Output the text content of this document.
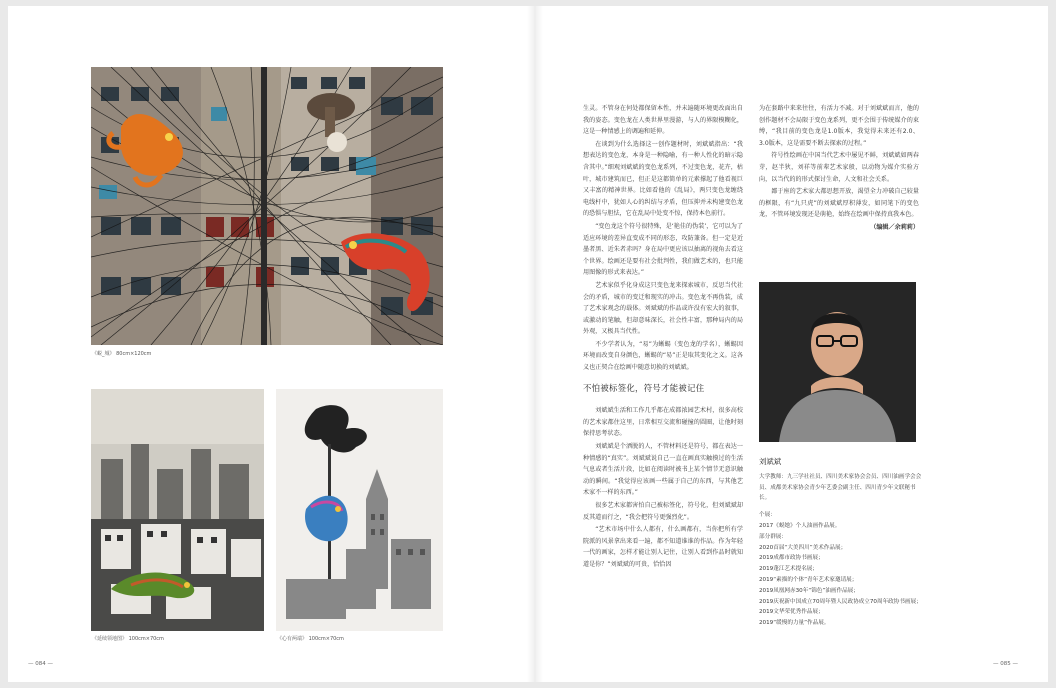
《蜕_城》 80cm×120cm
《延续领地图》 100cm×70cm	《心有两端》 100cm×70cm
— 084 —

生灵。不管身在何处都保留本性，并未遍随环境更改面出自我的姿态。变色龙在人类世界里漫游，与人的界限模糊化，这是一种情感上的调遍和延伸。

在谈到为什么选择这一创作题材时，刘斌斌指出：“我想表达的变色龙，本身是一种隐喻，有一种人性化的暗示隐含其中。”细观刘斌斌的变色龙系列，不过变色龙，花卉，枯叶，城市建筑而已，但正是这都简单的元素撑起了他看视巨又丰富的精神世界。比如看他的《乱局》，两只变色龙缠绕电线杆中，犹如人心的纠结与矛盾，但压抑并未构建变色龙的恐惧与胆怯，它在乱局中处变不惊，保持本色前行。

“变色龙这个符号很特殊，是‘艳佳的伪装’，它可以为了适应环境的差异直变成不同的形态，攻防兼备。但一定是近墨者黑、近朱者赤吗？身在局中更应该以抽离的视角去看这个世界。绘画还是要有社会批判性，我们做艺术的，也只能用图像的形式来表达。”

艺术家似乎化身成这只变色龙来探索城市，反思当代社会的矛盾，城市的变迁和现实的冲击。变色龙不再伪装，成了艺术家观念的载体。刘斌斌的作品或许没有宏大的叙事，或激动的笔触，但却意味深长，社会性丰富，那种局内的局外观，又极具当代性。

不少学者认为，“易”为蜥蜴（变色龙的学名），蜥蜴因环境而改变自身颜色，蜥蜴的“易”正是取其变化之义。这各义也正契合在绘画中随意切换的刘斌斌。

不怕被标签化，符号才能被记住

刘斌斌生活和工作几乎都在成都浓园艺术村，很多高校的艺术家都住这里，日常相互交流和碰撞的圆圈，让他时刻保持思考状态。

刘斌斌是个洒脱的人，不管材料还是符号，都在表达一种情感的“真实”。刘斌斌说自己一直在画真实触摸过的生活气息或者生活片段，比如在阅读时被书上某个情节无意识触动的瞬间。“我觉得应该画一些属于自己的东西，与其他艺术家不一样的东西。”

很多艺术家都害怕自己被标签化，符号化，但刘斌斌却反其道而行之，“我会把符号更强烈化”。

“艺术市场中什么人都有，什么画都有，当你把所有学院派的风景拿出来看一遍，都不知道谁谁的作品。作为年轻一代的画家，怎样才能让别人记住，让别人看到作品时就知道是你？”刘斌斌的可贵，恰恰因

为在套路中来来往往，有活力不减。对于刘斌斌而言，他的创作题材不会局限于变色龙系列，更不会围于传统媒介的束缚，“我目前的变色龙是1.0版本，我觉得未来还有2.0、3.0版本，这是需要不断去探索的过程。”

符号性绘画在中国当代艺术中屡见不鲜，刘斌斌如两春芽，赵半狄，刘祥等前辈艺术家般，以动物为媒介实验方向，以当代的的形式探讨生命，人文和社会关系。

鄙于座的艺术家大都思想开放，渴望全力冲破自己较量的框限，有“九只虎”的刘斌斌厚积薄发，如同笔下的变色龙，不管环境发现还是萌艳，始终在绘画中保持真我本色。

（编辑／余莉莉）

刘斌斌
大学教师：九三学社社员、四川美术家协会会员、四川油画学会会员、成都美术家协会青少年艺委会副主任、四川青少年文联秘书长。
个展：
2017《蜕她》个人油画作品展。
部分群展：
2020首届“大美四川”美术作品展；
2019成都市政协书画展；
2019蓬江艺术提名展；
2019“素描的个体”青年艺术家邀请展；
2019凤凰网赤30年“锦色”油画作品展；
2019庆祝新中国成立70周年暨人民政协成立70周年政协书画展；
2019文华荣优秀作品展；
2019“缓慢的力量”作品展。
— 085 —
